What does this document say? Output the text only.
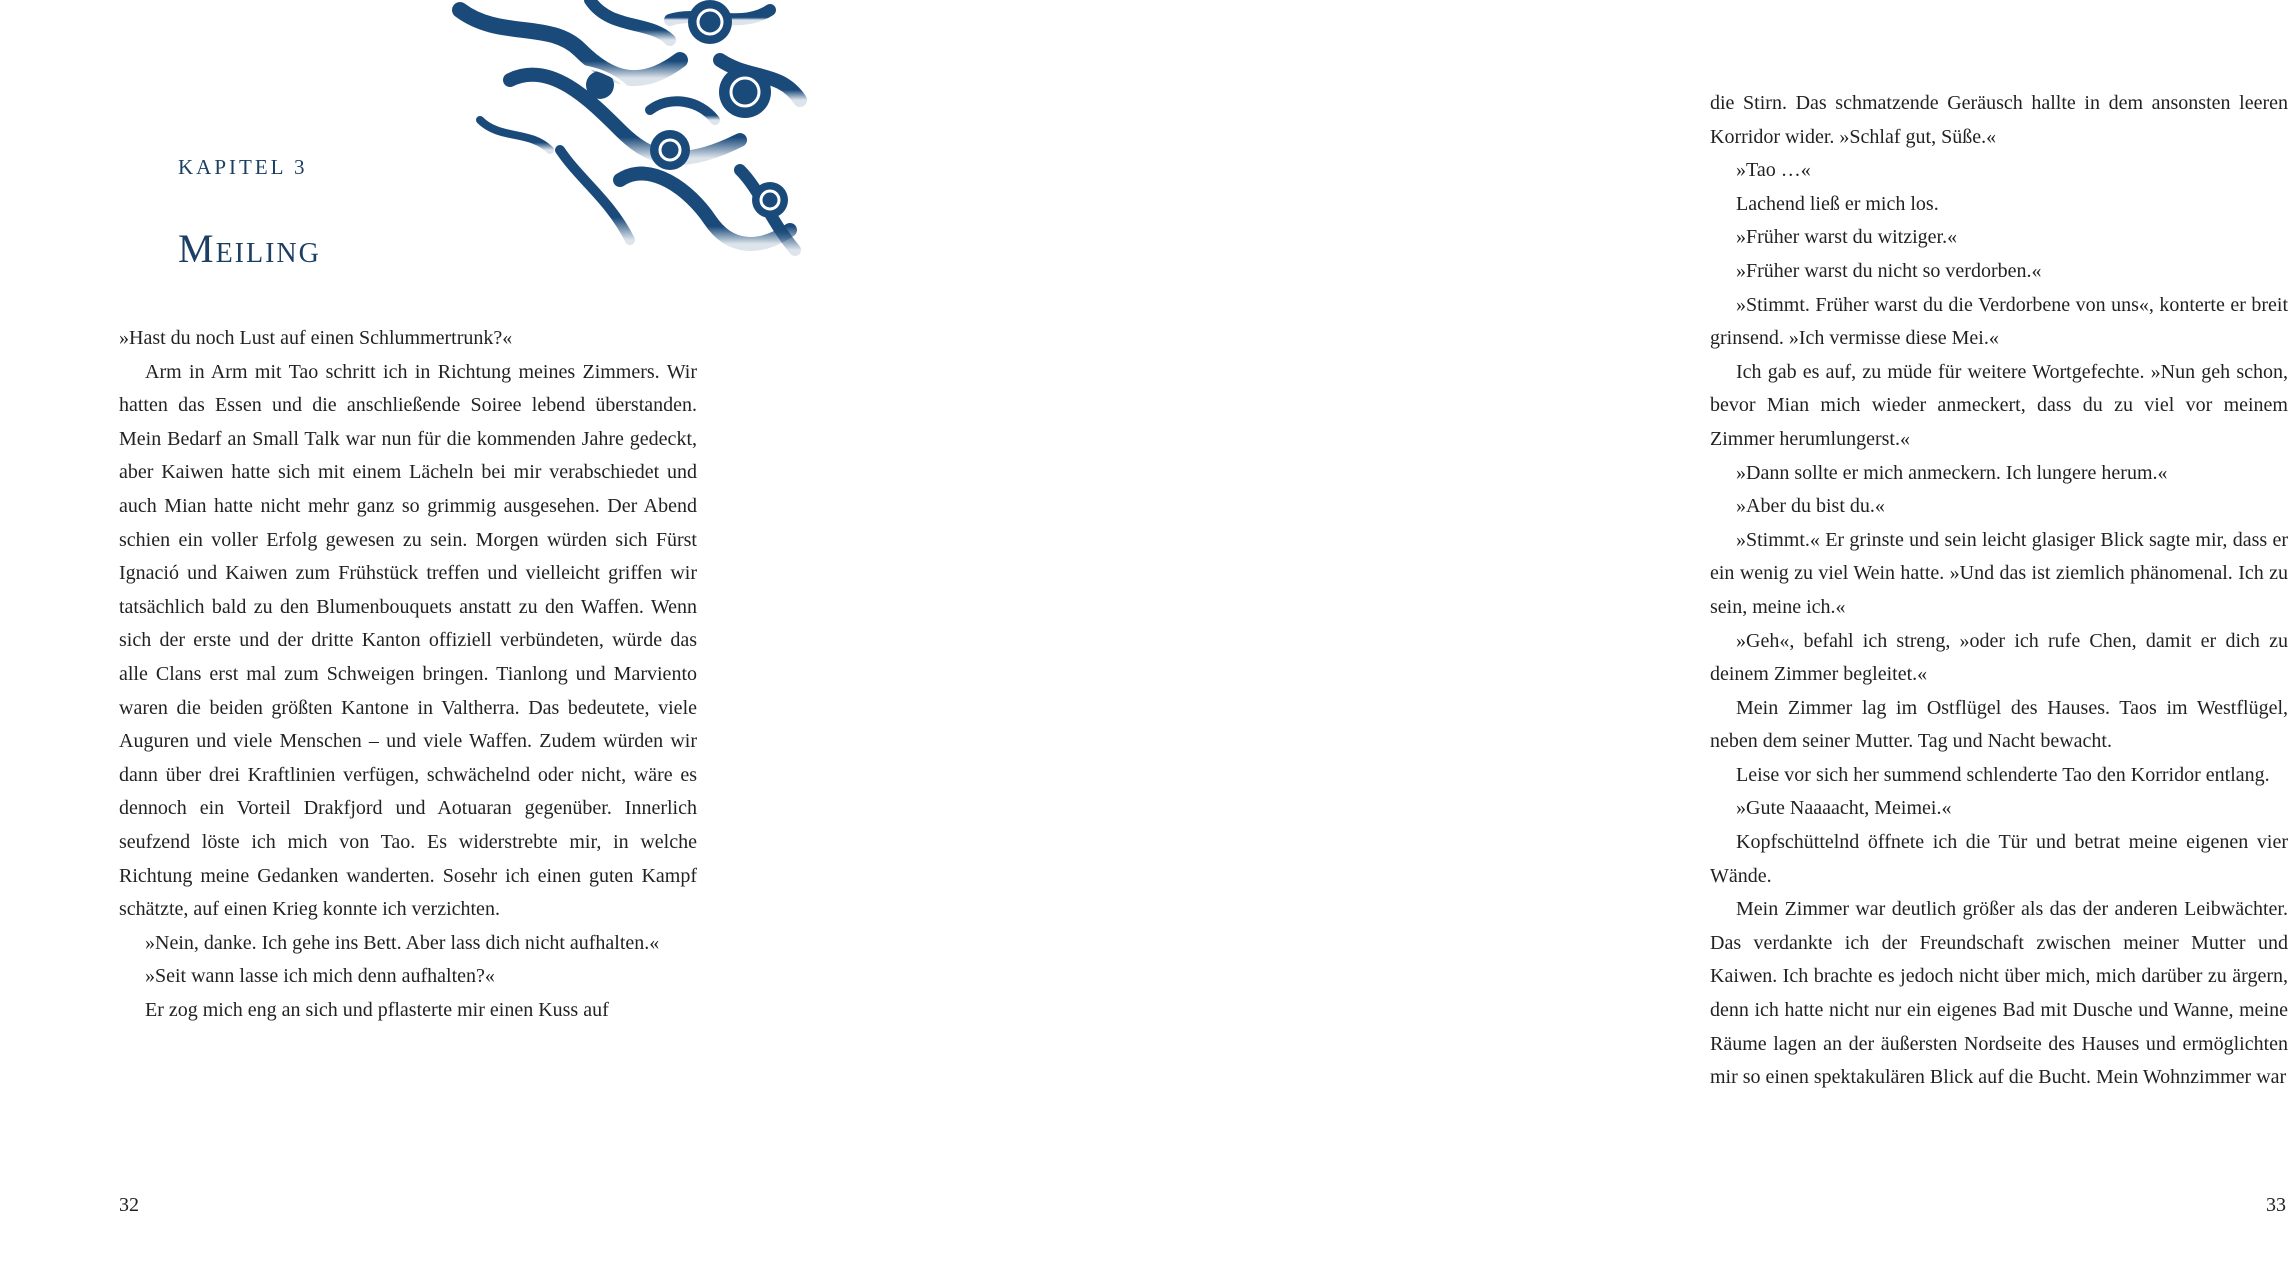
KAPITEL 3
Meiling

»Hast du noch Lust auf einen Schlummertrunk?«

Arm in Arm mit Tao schritt ich in Richtung meines Zimmers. Wir hatten das Essen und die anschließende Soiree lebend überstanden. Mein Bedarf an Small Talk war nun für die kommenden Jahre gedeckt, aber Kaiwen hatte sich mit einem Lächeln bei mir verabschiedet und auch Mian hatte nicht mehr ganz so grimmig ausgesehen. Der Abend schien ein voller Erfolg gewesen zu sein. Morgen würden sich Fürst Ignació und Kaiwen zum Frühstück treffen und vielleicht griffen wir tatsächlich bald zu den Blumenbouquets anstatt zu den Waffen. Wenn sich der erste und der dritte Kanton offiziell verbündeten, würde das alle Clans erst mal zum Schweigen bringen. Tianlong und Marviento waren die beiden größten Kantone in Valtherra. Das bedeutete, viele Auguren und viele Menschen – und viele Waffen. Zudem würden wir dann über drei Kraftlinien verfügen, schwächelnd oder nicht, wäre es dennoch ein Vorteil Drakfjord und Aotuaran gegenüber. Innerlich seufzend löste ich mich von Tao. Es widerstrebte mir, in welche Richtung meine Gedanken wanderten. Sosehr ich einen guten Kampf schätzte, auf einen Krieg konnte ich verzichten.

»Nein, danke. Ich gehe ins Bett. Aber lass dich nicht aufhalten.«

»Seit wann lasse ich mich denn aufhalten?«

Er zog mich eng an sich und pflasterte mir einen Kuss auf

32

die Stirn. Das schmatzende Geräusch hallte in dem ansonsten leeren Korridor wider. »Schlaf gut, Süße.«

»Tao …«

Lachend ließ er mich los.

»Früher warst du witziger.«

»Früher warst du nicht so verdorben.«

»Stimmt. Früher warst du die Verdorbene von uns«, konterte er breit grinsend. »Ich vermisse diese Mei.«

Ich gab es auf, zu müde für weitere Wortgefechte. »Nun geh schon, bevor Mian mich wieder anmeckert, dass du zu viel vor meinem Zimmer herumlungerst.«

»Dann sollte er mich anmeckern. Ich lungere herum.«

»Aber du bist du.«

»Stimmt.« Er grinste und sein leicht glasiger Blick sagte mir, dass er ein wenig zu viel Wein hatte. »Und das ist ziemlich phänomenal. Ich zu sein, meine ich.«

»Geh«, befahl ich streng, »oder ich rufe Chen, damit er dich zu deinem Zimmer begleitet.«

Mein Zimmer lag im Ostflügel des Hauses. Taos im Westflügel, neben dem seiner Mutter. Tag und Nacht bewacht.

Leise vor sich her summend schlenderte Tao den Korridor entlang.

»Gute Naaaacht, Meimei.«

Kopfschüttelnd öffnete ich die Tür und betrat meine eigenen vier Wände.

Mein Zimmer war deutlich größer als das der anderen Leibwächter. Das verdankte ich der Freundschaft zwischen meiner Mutter und Kaiwen. Ich brachte es jedoch nicht über mich, mich darüber zu ärgern, denn ich hatte nicht nur ein eigenes Bad mit Dusche und Wanne, meine Räume lagen an der äußersten Nordseite des Hauses und ermöglichten mir so einen spektakulären Blick auf die Bucht. Mein Wohnzimmer war

33
